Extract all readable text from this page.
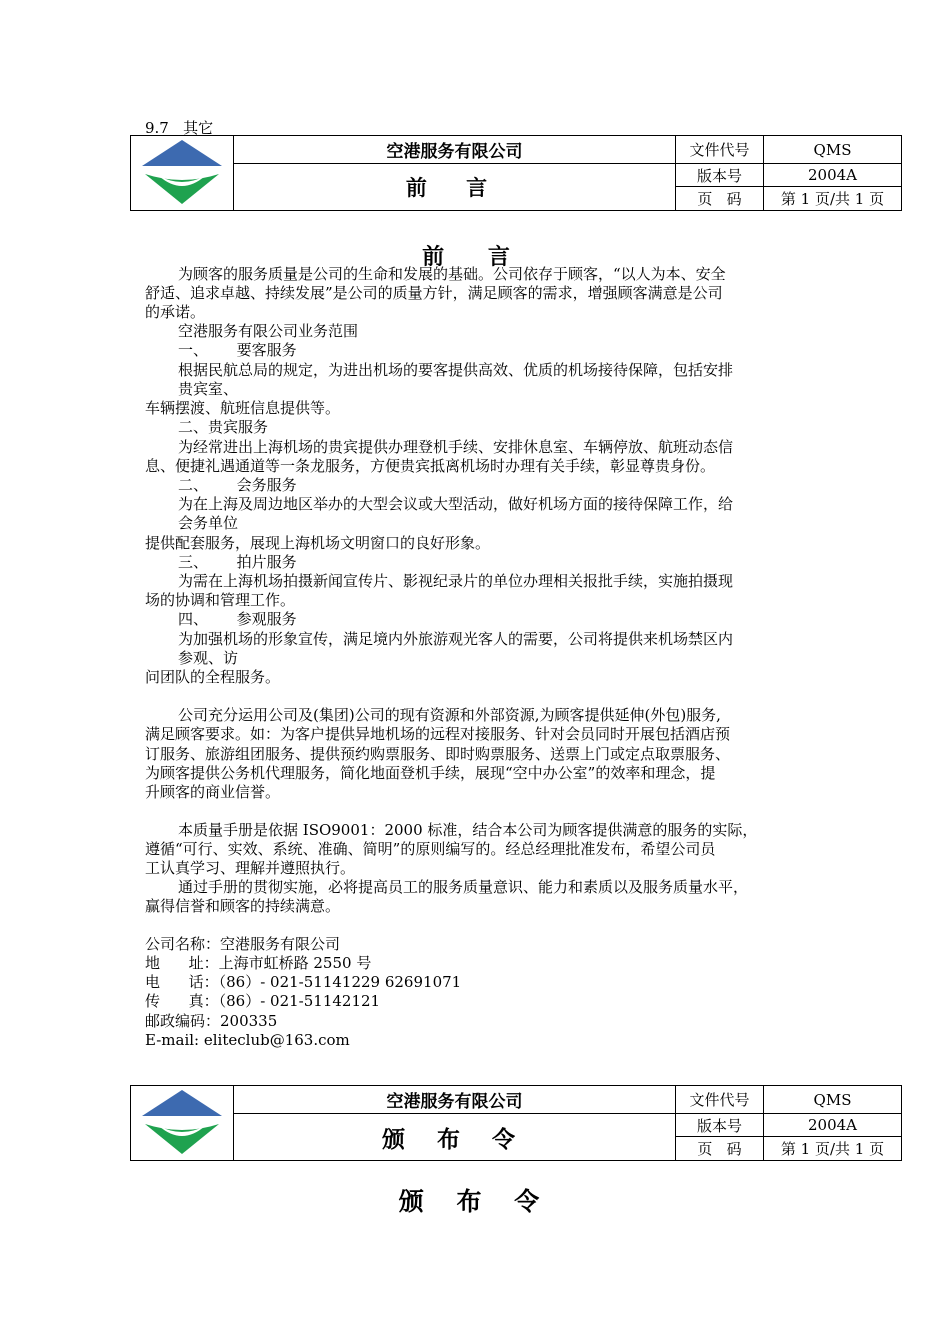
9.7   其它
	空港服务有限公司	文件代号	QMS
	前 言	版本号	2004A
		页   码	第 1 页/共 1 页
前 言
为顾客的服务质量是公司的生命和发展的基础。公司依存于顾客，“以人为本、安全
舒适、追求卓越、持续发展”是公司的质量方针，满足顾客的需求，增强顾客满意是公司
的承诺。
空港服务有限公司业务范围
一、      要客服务
根据民航总局的规定，为进出机场的要客提供高效、优质的机场接待保障，包括安排
贵宾室、
车辆摆渡、航班信息提供等。
二、贵宾服务
为经常进出上海机场的贵宾提供办理登机手续、安排休息室、车辆停放、航班动态信
息、便捷礼遇通道等一条龙服务，方便贵宾抵离机场时办理有关手续，彰显尊贵身份。
二、      会务服务
为在上海及周边地区举办的大型会议或大型活动，做好机场方面的接待保障工作，给
会务单位
提供配套服务，展现上海机场文明窗口的良好形象。
三、      拍片服务
为需在上海机场拍摄新闻宣传片、影视纪录片的单位办理相关报批手续，实施拍摄现
场的协调和管理工作。
四、      参观服务
为加强机场的形象宣传，满足境内外旅游观光客人的需要，公司将提供来机场禁区内
参观、访
问团队的全程服务。
公司充分运用公司及(集团)公司的现有资源和外部资源,为顾客提供延伸(外包)服务,
满足顾客要求。如：为客户提供异地机场的远程对接服务、针对会员同时开展包括酒店预
订服务、旅游组团服务、提供预约购票服务、即时购票服务、送票上门或定点取票服务、
为顾客提供公务机代理服务，简化地面登机手续，展现“空中办公室”的效率和理念，提
升顾客的商业信誉。
本质量手册是依据 ISO9001：2000 标准，结合本公司为顾客提供满意的服务的实际，
遵循“可行、实效、系统、准确、简明”的原则编写的。经总经理批准发布，希望公司员
工认真学习、理解并遵照执行。
通过手册的贯彻实施，必将提高员工的服务质量意识、能力和素质以及服务质量水平，
赢得信誉和顾客的持续满意。
公司名称：空港服务有限公司
地      址：上海市虹桥路 2550 号
电      话：（86）- 021-51141229 62691071
传      真：（86）- 021-51142121
邮政编码：200335
E-mail: eliteclub@163.com
	空港服务有限公司	文件代号	QMS
	颁 布 令	版本号	2004A
		页   码	第 1 页/共 1 页
颁 布 令
